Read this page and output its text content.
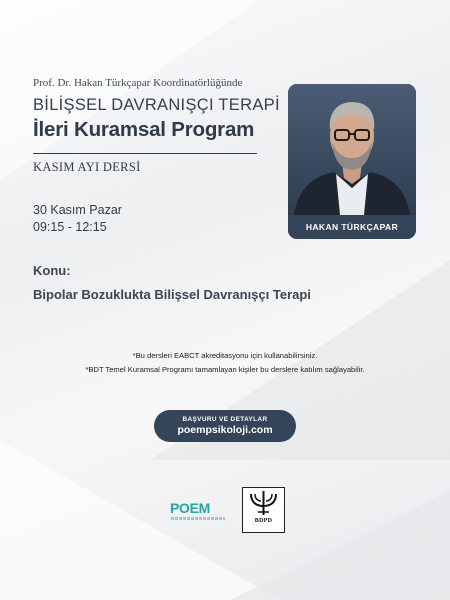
Prof. Dr. Hakan Türkçapar Koordinatörlüğünde
BİLİŞSEL DAVRANIŞÇI TERAPİ
İleri Kuramsal Program
KASIM AYI DERSİ
30 Kasım Pazar
09:15 - 12:15
Konu:
Bipolar Bozuklukta Bilişsel Davranışçı Terapi
HAKAN TÜRKÇAPAR
*Bu dersleri EABCT akreditasyonu için kullanabilirsiniz.
*BDT Temel Kuramsal Programı tamamlayan kişiler bu derslere katılım sağlayabilir.
BAŞVURU VE DETAYLAR
poempsikoloji.com
POEM
BDPD
